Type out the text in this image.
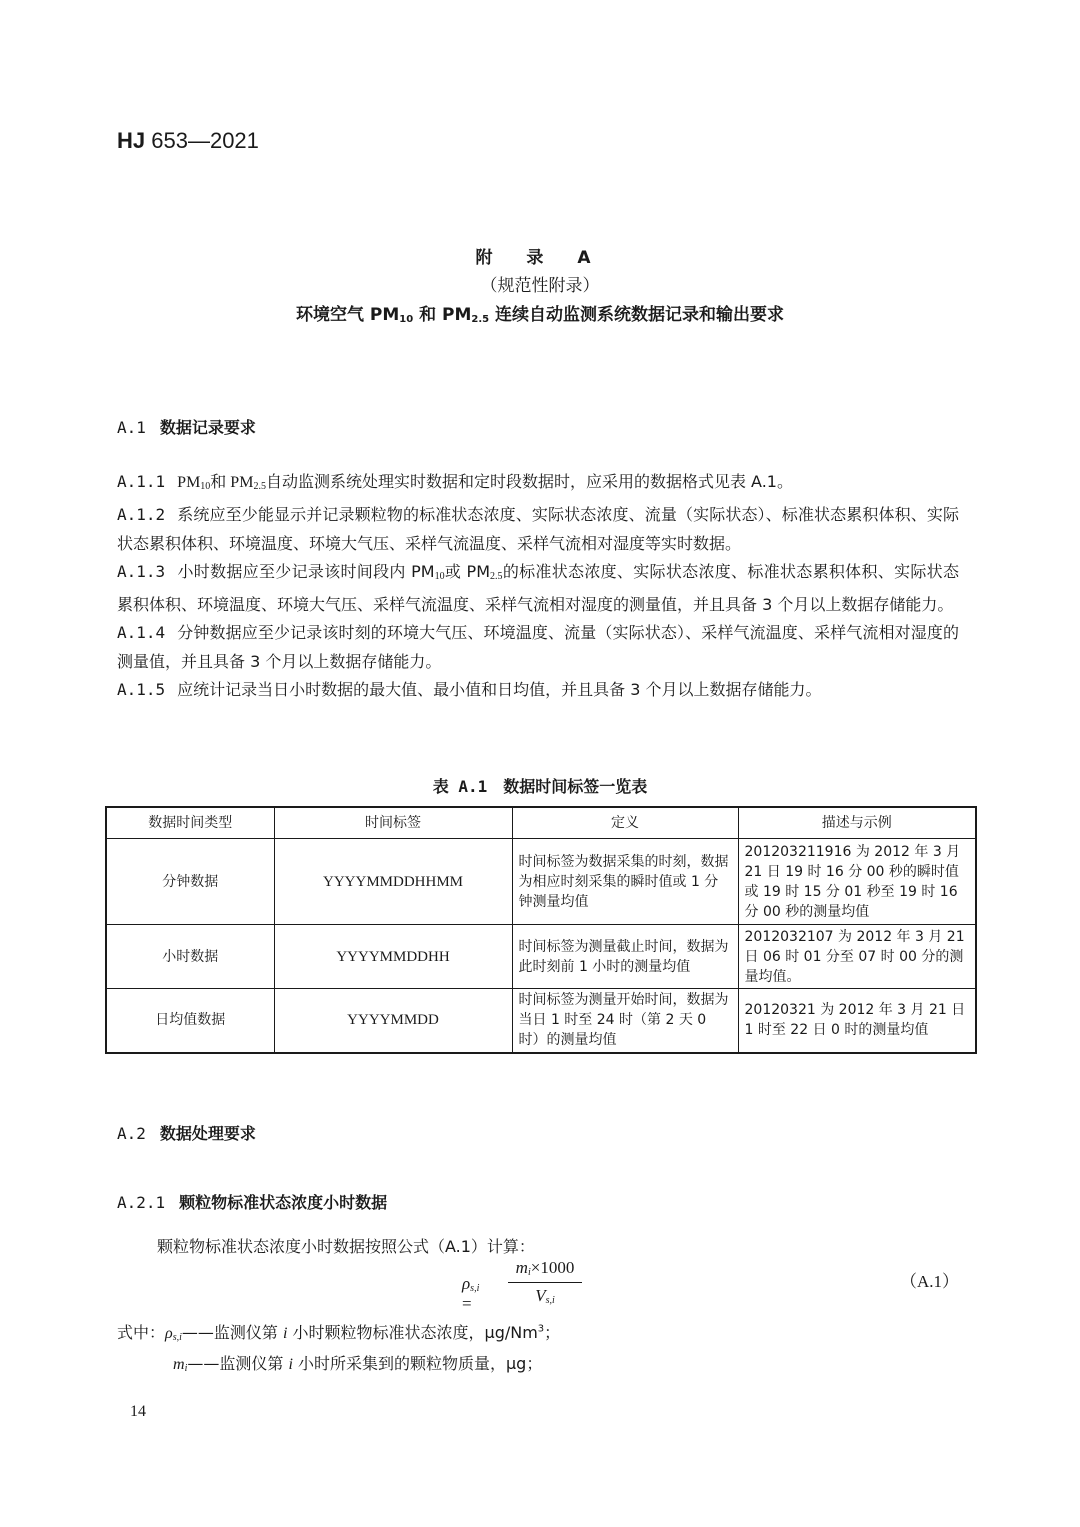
HJ 653—2021
附 录 A
（规范性附录）
环境空气 $PM_{10}$ 和 $PM_{2.5}$ 连续自动监测系统数据记录和输出要求
A.1 数据记录要求

A.1.1 $PM_{10}$和 $PM_{2.5}$自动监测系统处理实时数据和定时段数据时，应采用的数据格式见表 A.1。

A.1.2 系统应至少能显示并记录颗粒物的标准状态浓度、实际状态浓度、流量（实际状态）、标准状态累积体积、实际状态累积体积、环境温度、环境大气压、采样气流温度、采样气流相对湿度等实时数据。

A.1.3 小时数据应至少记录该时间段内 $PM_{10}$或 $PM_{2.5}$的标准状态浓度、实际状态浓度、标准状态累积体积、实际状态累积体积、环境温度、环境大气压、采样气流温度、采样气流相对湿度的测量值，并且具备 3 个月以上数据存储能力。

A.1.4 分钟数据应至少记录该时刻的环境大气压、环境温度、流量（实际状态）、采样气流温度、采样气流相对湿度的测量值，并且具备 3 个月以上数据存储能力。

A.1.5 应统计记录当日小时数据的最大值、最小值和日均值，并且具备 3 个月以上数据存储能力。

表 A.1 数据时间标签一览表
数据时间类型	时间标签	定义	描述与示例
分钟数据	YYYYMMDDHHMM	时间标签为数据采集的时刻，数据为相应时刻采集的瞬时值或 1 分钟测量均值	201203211916 为 2012 年 3 月 21 日 19 时 16 分 00 秒的瞬时值或 19 时 15 分 01 秒至 19 时 16 分 00 秒的测量均值
小时数据	YYYYMMDDHH	时间标签为测量截止时间，数据为此时刻前 1 小时的测量均值	2012032107 为 2012 年 3 月 21 日 06 时 01 分至 07 时 00 分的测量均值。
日均值数据	YYYYMMDD	时间标签为测量开始时间，数据为当日 1 时至 24 时（第 2 天 0 时）的测量均值	20120321 为 2012 年 3 月 21 日 1 时至 22 日 0 时的测量均值
A.2 数据处理要求
A.2.1 颗粒物标准状态浓度小时数据
颗粒物标准状态浓度小时数据按照公式（A.1）计算：
$\rho_{s,i}$ =
$m_i\times 1000$
$V_{s,i}$
（A.1）
式中：$\rho_{s,i}——$监测仪第 i 小时颗粒物标准状态浓度，μg/Nm$^3$；
$m_i——$监测仪第 i 小时所采集到的颗粒物质量，μg；
14
